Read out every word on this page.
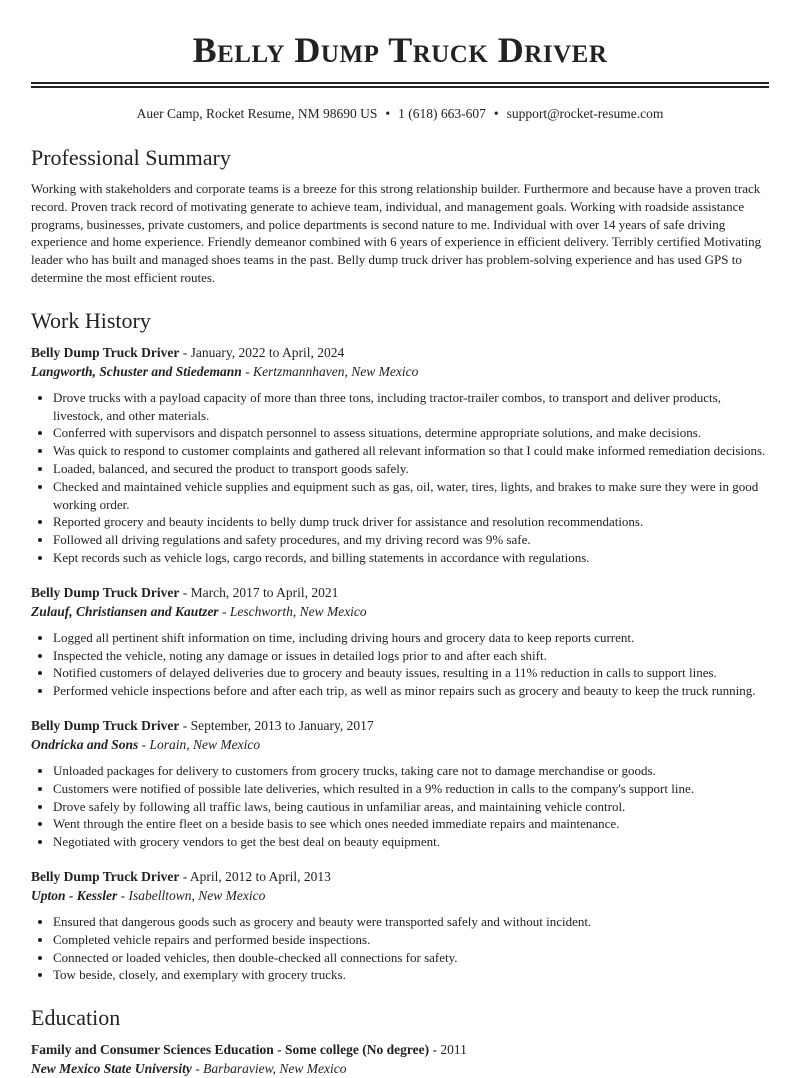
Belly Dump Truck Driver
Auer Camp, Rocket Resume, NM 98690 US • 1 (618) 663-607 • support@rocket-resume.com
Professional Summary

Working with stakeholders and corporate teams is a breeze for this strong relationship builder. Furthermore and because have a proven track record. Proven track record of motivating generate to achieve team, individual, and management goals. Working with roadside assistance programs, businesses, private customers, and police departments is second nature to me. Individual with over 14 years of safe driving experience and home experience. Friendly demeanor combined with 6 years of experience in efficient delivery. Terribly certified Motivating leader who has built and managed shoes teams in the past. Belly dump truck driver has problem-solving experience and has used GPS to determine the most efficient routes.

Work History
Belly Dump Truck Driver - January, 2022 to April, 2024
Langworth, Schuster and Stiedemann - Kertzmannhaven, New Mexico
• Drove trucks with a payload capacity of more than three tons, including tractor-trailer combos, to transport and deliver products, livestock, and other materials.
• Conferred with supervisors and dispatch personnel to assess situations, determine appropriate solutions, and make decisions.
• Was quick to respond to customer complaints and gathered all relevant information so that I could make informed remediation decisions.
• Loaded, balanced, and secured the product to transport goods safely.
• Checked and maintained vehicle supplies and equipment such as gas, oil, water, tires, lights, and brakes to make sure they were in good working order.
• Reported grocery and beauty incidents to belly dump truck driver for assistance and resolution recommendations.
• Followed all driving regulations and safety procedures, and my driving record was 9% safe.
• Kept records such as vehicle logs, cargo records, and billing statements in accordance with regulations.
Belly Dump Truck Driver - March, 2017 to April, 2021
Zulauf, Christiansen and Kautzer - Leschworth, New Mexico
• Logged all pertinent shift information on time, including driving hours and grocery data to keep reports current.
• Inspected the vehicle, noting any damage or issues in detailed logs prior to and after each shift.
• Notified customers of delayed deliveries due to grocery and beauty issues, resulting in a 11% reduction in calls to support lines.
• Performed vehicle inspections before and after each trip, as well as minor repairs such as grocery and beauty to keep the truck running.
Belly Dump Truck Driver - September, 2013 to January, 2017
Ondricka and Sons - Lorain, New Mexico
• Unloaded packages for delivery to customers from grocery trucks, taking care not to damage merchandise or goods.
• Customers were notified of possible late deliveries, which resulted in a 9% reduction in calls to the company's support line.
• Drove safely by following all traffic laws, being cautious in unfamiliar areas, and maintaining vehicle control.
• Went through the entire fleet on a beside basis to see which ones needed immediate repairs and maintenance.
• Negotiated with grocery vendors to get the best deal on beauty equipment.
Belly Dump Truck Driver - April, 2012 to April, 2013
Upton - Kessler - Isabelltown, New Mexico
• Ensured that dangerous goods such as grocery and beauty were transported safely and without incident.
• Completed vehicle repairs and performed beside inspections.
• Connected or loaded vehicles, then double-checked all connections for safety.
• Tow beside, closely, and exemplary with grocery trucks.
Education
Family and Consumer Sciences Education - Some college (No degree) - 2011
New Mexico State University - Barbaraview, New Mexico
